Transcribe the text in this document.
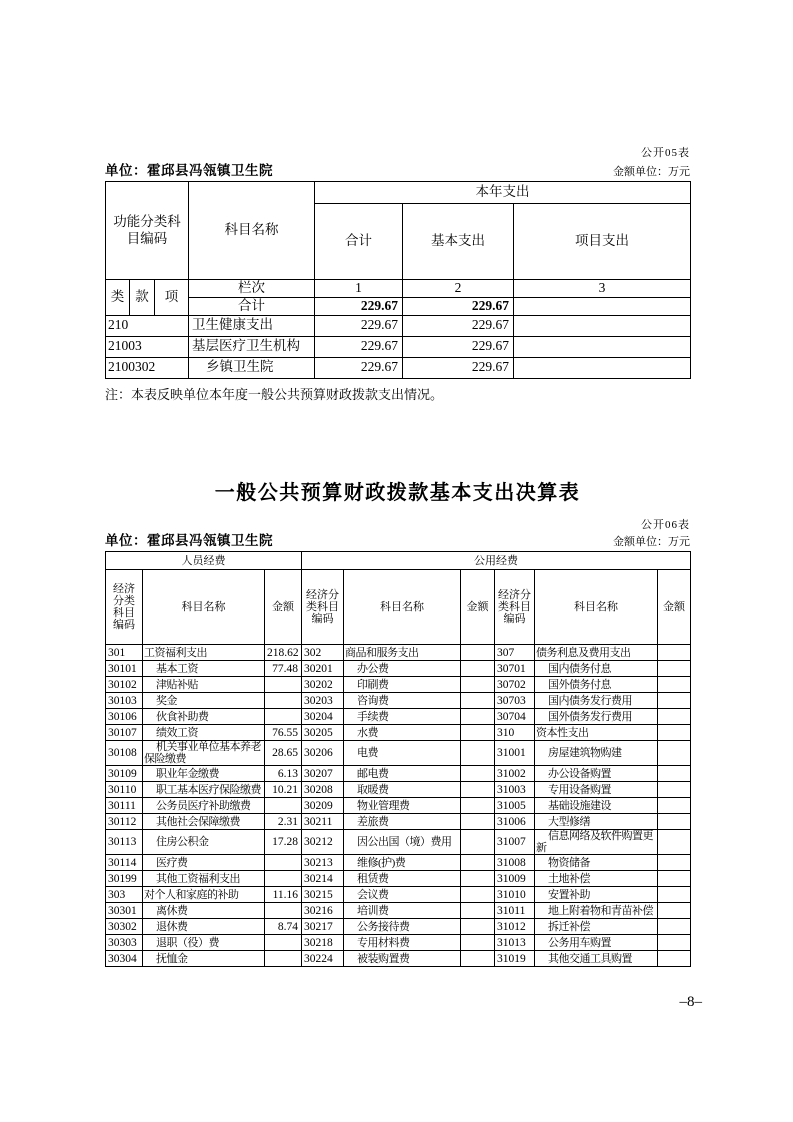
公开05表
单位：霍邱县冯瓴镇卫生院	金额单位：万元
功能分类科目编码			科目名称	本年支出		
				合计	基本支出	项目支出
类	款	项	栏次	1	2	3
			合计	229.67	229.67	
210			卫生健康支出	229.67	229.67	
21003			基层医疗卫生机构	229.67	229.67	
2100302			乡镇卫生院	229.67	229.67	
注：本表反映单位本年度一般公共预算财政拨款支出情况。
一般公共预算财政拨款基本支出决算表
公开06表
单位：霍邱县冯瓴镇卫生院	金额单位：万元
人员经费			公用经费					
经济分类科目编码	科目名称	金额	经济分类科目编码	科目名称	金额	经济分类科目编码	科目名称	金额
301	工资福利支出	218.62	302	商品和服务支出		307	债务利息及费用支出	
30101	基本工资	77.48	30201	办公费		30701	国内债务付息	
30102	津贴补贴		30202	印刷费		30702	国外债务付息	
30103	奖金		30203	咨询费		30703	国内债务发行费用	
30106	伙食补助费		30204	手续费		30704	国外债务发行费用	
30107	绩效工资	76.55	30205	水费		310	资本性支出	
30108	机关事业单位基本养老保险缴费	28.65	30206	电费		31001	房屋建筑物购建	
30109	职业年金缴费	6.13	30207	邮电费		31002	办公设备购置	
30110	职工基本医疗保险缴费	10.21	30208	取暖费		31003	专用设备购置	
30111	公务员医疗补助缴费		30209	物业管理费		31005	基础设施建设	
30112	其他社会保障缴费	2.31	30211	差旅费		31006	大型修缮	
30113	住房公积金	17.28	30212	因公出国（境）费用		31007	信息网络及软件购置更新	
30114	医疗费		30213	维修(护)费		31008	物资储备	
30199	其他工资福利支出		30214	租赁费		31009	土地补偿	
303	对个人和家庭的补助	11.16	30215	会议费		31010	安置补助	
30301	离休费		30216	培训费		31011	地上附着物和青苗补偿	
30302	退休费	8.74	30217	公务接待费		31012	拆迁补偿	
30303	退职（役）费		30218	专用材料费		31013	公务用车购置	
30304	抚恤金		30224	被装购置费		31019	其他交通工具购置	
–8–
